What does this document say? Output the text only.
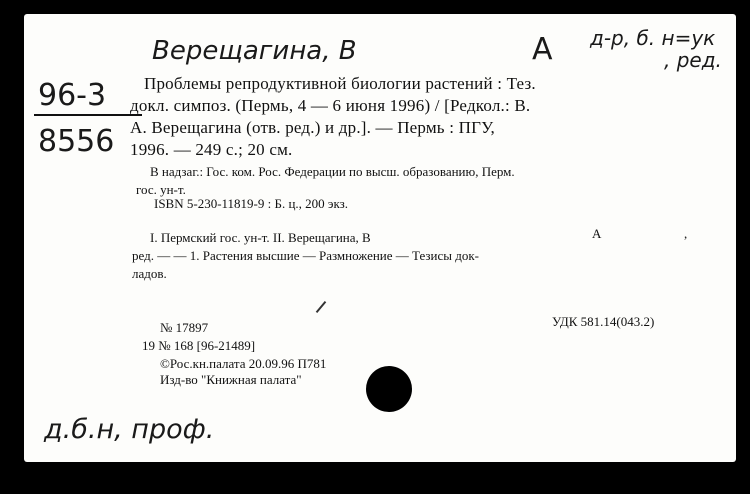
Верещагина, В	А д-р, б. н=ук
, ред.
96-3
8556
Проблемы репродуктивной биологии растений : Тез.
докл. симпоз. (Пермь, 4 — 6 июня 1996) / [Редкол.: В.
А. Верещагина (отв. ред.) и др.]. — Пермь : ПГУ,
1996. — 249 с.; 20 см.
В надзаг.: Гос. ком. Рос. Федерации по высш. образованию, Перм.
гос. ун-т.
ISBN 5-230-11819-9 : Б. ц., 200 экз.
I. Пермский гос. ун-т. II. Верещагина, В	А	,
ред. — — 1. Растения высшие — Размножение — Тезисы док-
ладов.
№ 17897	УДК 581.14(043.2)
19 № 168 [96-21489]
©Рос.кн.палата 20.09.96 П781
Изд-во "Книжная палата"
д.б.н, проф.
